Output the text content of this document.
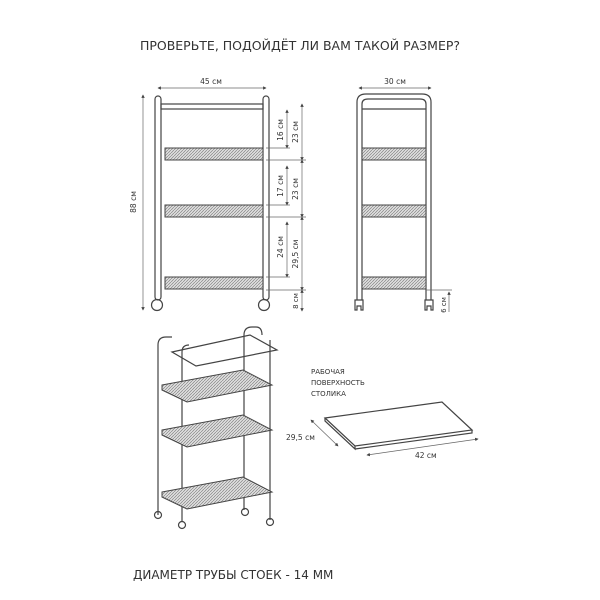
ПРОВЕРЬТЕ, ПОДОЙДЁТ ЛИ ВАМ ТАКОЙ РАЗМЕР?
45 см
88 см
16 см
17 см
24 см
23 см
23 см
29,5 см
8 см
30 см
6 см
РАБОЧАЯ
ПОВЕРХНОСТЬ
СТОЛИКА
29,5 см
42 см
ДИАМЕТР ТРУБЫ СТОЕК - 14 ММ
